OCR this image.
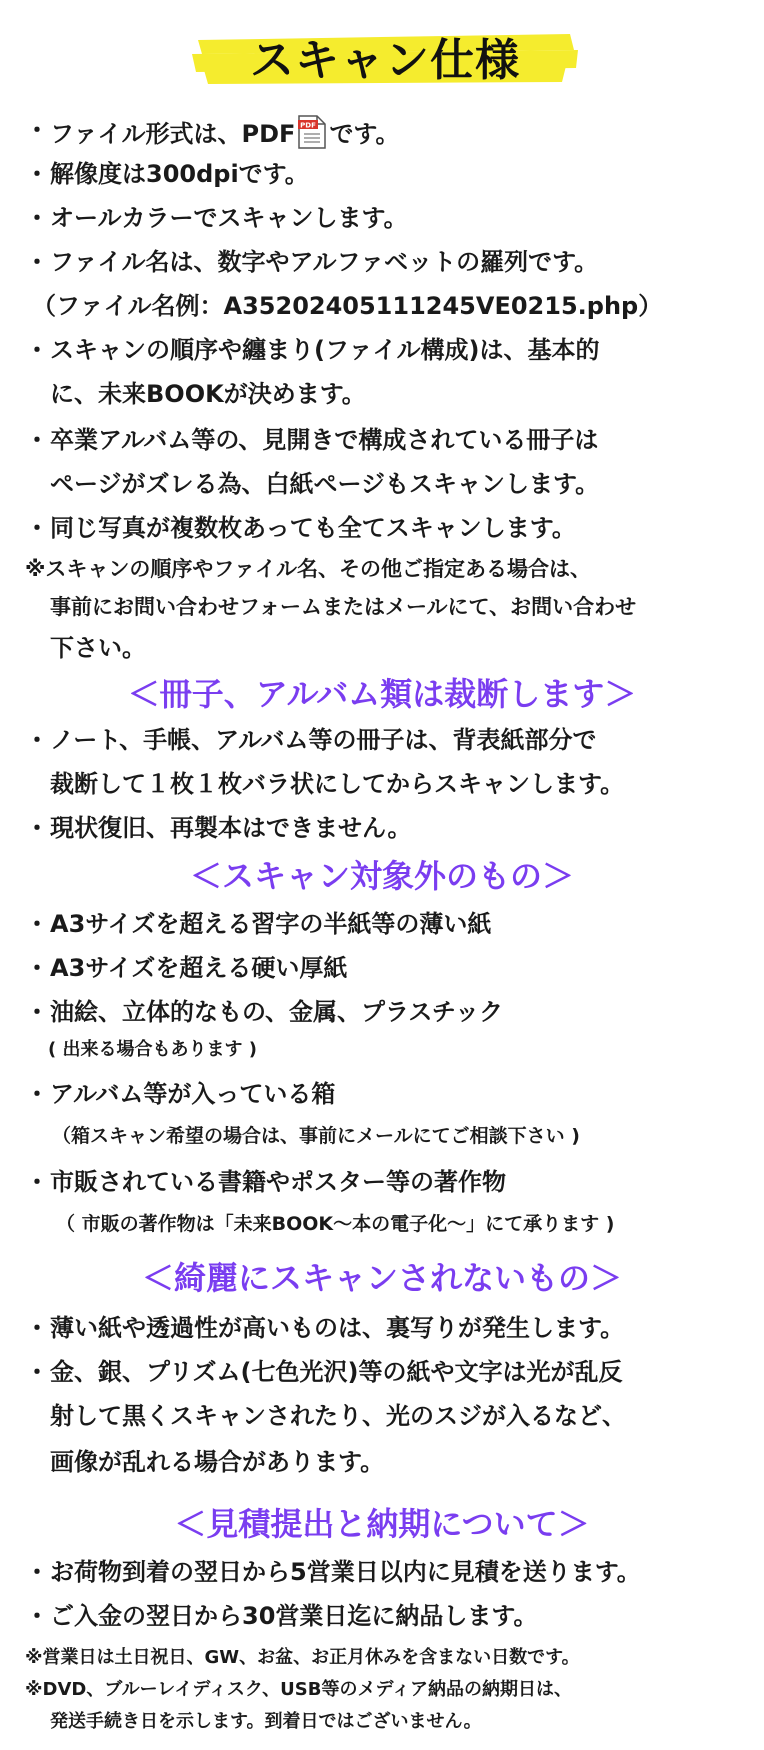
スキャン仕様
・ ファイル形式は、PDF PDF です。
・ 解像度は300dpiです。
・ オールカラーでスキャンします。
・ ファイル名は、数字やアルファベットの羅列です。
（ファイル名例：A35202405111245VE0215.php）
・ スキャンの順序や纏まり(ファイル構成)は、基本的
に、未来BOOKが決めます。
・ 卒業アルバム等の、見開きで構成されている冊子は
ページがズレる為、白紙ページもスキャンします。
・ 同じ写真が複数枚あっても全てスキャンします。
※スキャンの順序やファイル名、その他ご指定ある場合は、
事前にお問い合わせフォームまたはメールにて、お問い合わせ
下さい。
＜冊子、アルバム類は裁断します＞
・ ノート、手帳、アルバム等の冊子は、背表紙部分で
裁断して１枚１枚バラ状にしてからスキャンします。
・ 現状復旧、再製本はできません。
＜スキャン対象外のもの＞
・ A3サイズを超える習字の半紙等の薄い紙
・ A3サイズを超える硬い厚紙
・ 油絵、立体的なもの、金属、プラスチック
( 出来る場合もあります )
・ アルバム等が入っている箱
（箱スキャン希望の場合は、事前にメールにてご相談下さい )
・ 市販されている書籍やポスター等の著作物
（ 市販の著作物は「未来BOOK～本の電子化～」にて承ります )
＜綺麗にスキャンされないもの＞
・ 薄い紙や透過性が高いものは、裏写りが発生します。
・ 金、銀、プリズム(七色光沢)等の紙や文字は光が乱反
射して黒くスキャンされたり、光のスジが入るなど、
画像が乱れる場合があります。
＜見積提出と納期について＞
・ お荷物到着の翌日から5営業日以内に見積を送ります。
・ ご入金の翌日から30営業日迄に納品します。
※営業日は土日祝日、GW、お盆、お正月休みを含まない日数です。
※DVD、ブルーレイディスク、USB等のメディア納品の納期日は、
発送手続き日を示します。到着日ではございません。
